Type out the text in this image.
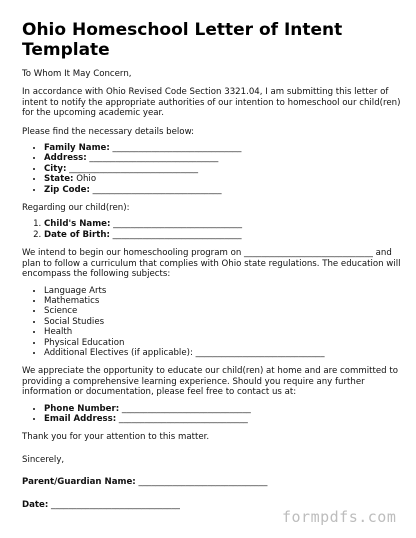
Ohio Homeschool Letter of Intent Template

To Whom It May Concern,

In accordance with Ohio Revised Code Section 3321.04, I am submitting this letter of intent to notify the appropriate authorities of our intention to homeschool our child(ren) for the upcoming academic year.

Please find the necessary details below:

• Family Name: ______________________________
• Address: ______________________________
• City: ______________________________
• State: Ohio
• Zip Code: ______________________________

Regarding our child(ren):

1. Child's Name: ______________________________
2. Date of Birth: ______________________________

We intend to begin our homeschooling program on ______________________________ and plan to follow a curriculum that complies with Ohio state regulations. The education will encompass the following subjects:

• Language Arts
• Mathematics
• Science
• Social Studies
• Health
• Physical Education
• Additional Electives (if applicable): ______________________________

We appreciate the opportunity to educate our child(ren) at home and are committed to providing a comprehensive learning experience. Should you require any further information or documentation, please feel free to contact us at:

• Phone Number: ______________________________
• Email Address: ______________________________

Thank you for your attention to this matter.

Sincerely,

Parent/Guardian Name: ______________________________

Date: ______________________________

formpdfs.com
